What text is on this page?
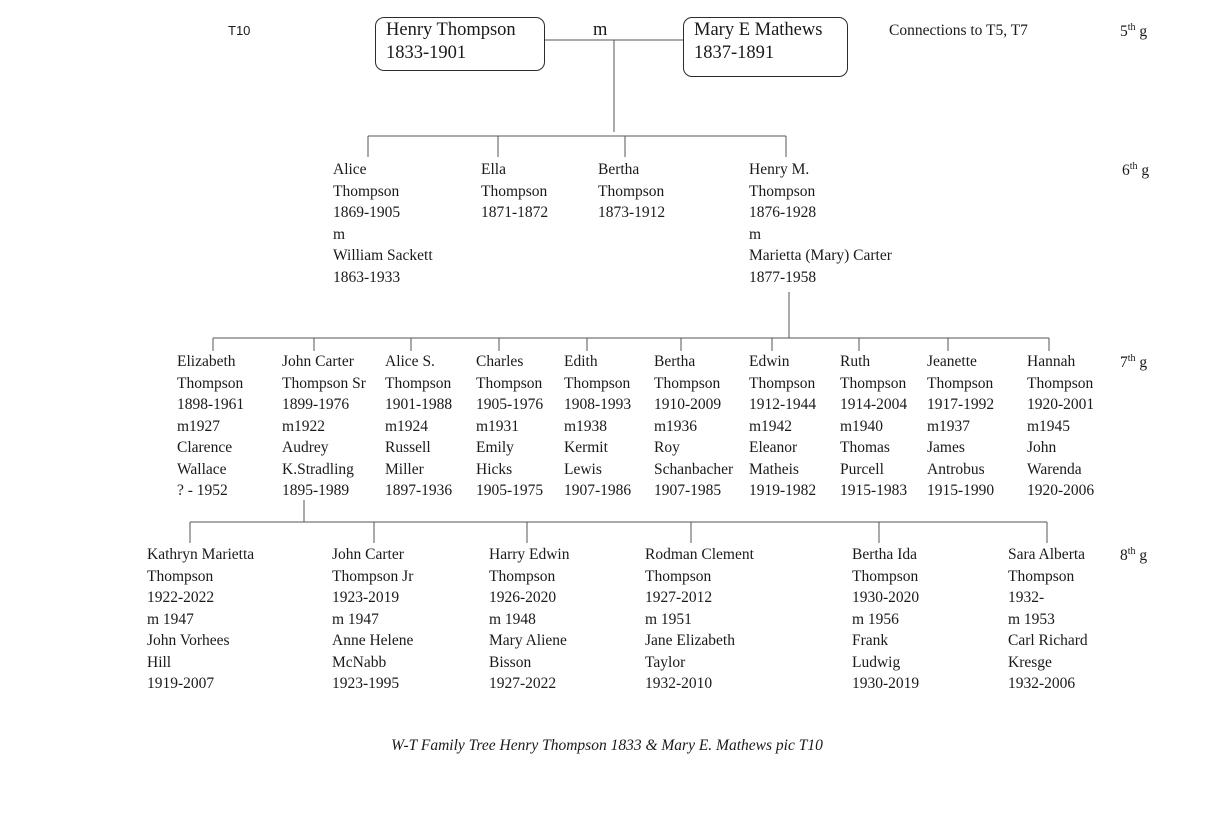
T10	Henry Thompson
1833-1901
m	Mary E Mathews
1837-1891
Connections to T5, T7	5th g
6th g
7th g
8th g
Alice
Thompson
1869-1905
m
William Sackett
1863-1933
Ella
Thompson
1871-1872
Bertha
Thompson
1873-1912
Henry M.
Thompson
1876-1928
m
Marietta (Mary) Carter
1877-1958
Elizabeth
Thompson
1898-1961
m1927
Clarence
Wallace
? - 1952
John Carter
Thompson Sr
1899-1976
m1922
Audrey
K.Stradling
1895-1989
Alice S.
Thompson
1901-1988
m1924
Russell
Miller
1897-1936
Charles
Thompson
1905-1976
m1931
Emily
Hicks
1905-1975
Edith
Thompson
1908-1993
m1938
Kermit
Lewis
1907-1986
Bertha
Thompson
1910-2009
m1936
Roy
Schanbacher
1907-1985
Edwin
Thompson
1912-1944
m1942
Eleanor
Matheis
1919-1982
Ruth
Thompson
1914-2004
m1940
Thomas
Purcell
1915-1983
Jeanette
Thompson
1917-1992
m1937
James
Antrobus
1915-1990
Hannah
Thompson
1920-2001
m1945
John
Warenda
1920-2006
Kathryn Marietta
Thompson
1922-2022
m 1947
John Vorhees
Hill
1919-2007
John Carter
Thompson Jr
1923-2019
m 1947
Anne Helene
McNabb
1923-1995
Harry Edwin
Thompson
1926-2020
m 1948
Mary Aliene
Bisson
1927-2022
Rodman Clement
Thompson
1927-2012
m 1951
Jane Elizabeth
Taylor
1932-2010
Bertha Ida
Thompson
1930-2020
m 1956
Frank
Ludwig
1930-2019
Sara Alberta
Thompson
1932-
m 1953
Carl Richard
Kresge
1932-2006
W-T Family Tree Henry Thompson 1833 & Mary E. Mathews pic T10
